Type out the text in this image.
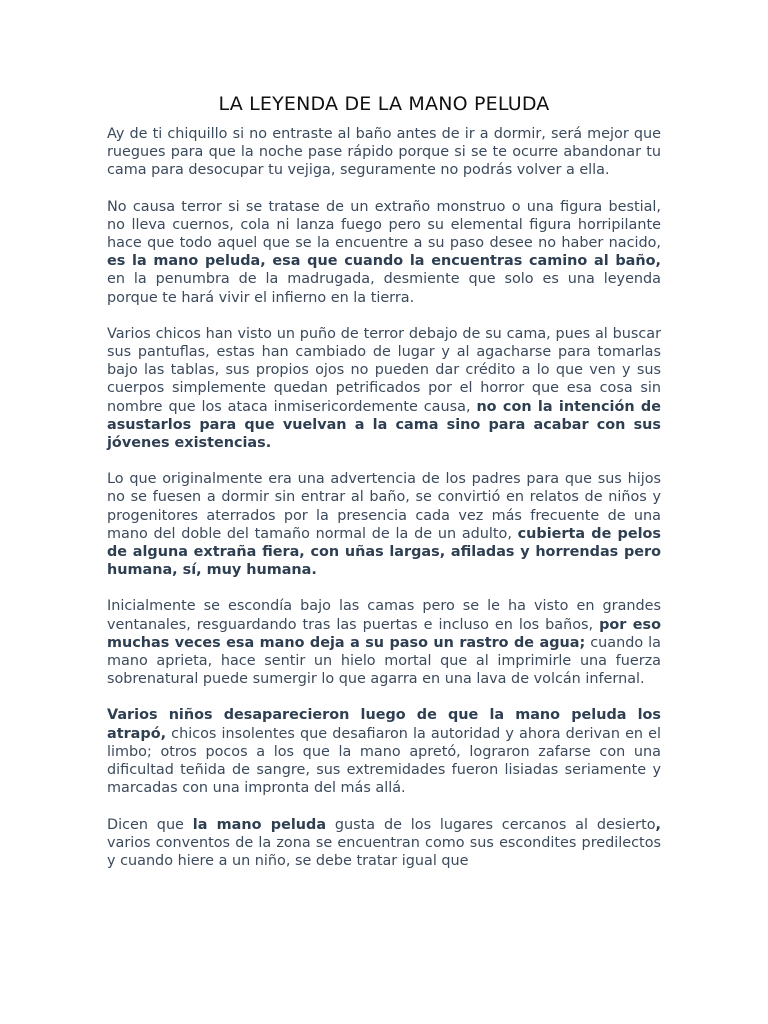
LA LEYENDA DE LA MANO PELUDA

Ay de ti chiquillo si no entraste al baño antes de ir a dormir, será mejor que ruegues para que la noche pase rápido porque si se te ocurre abandonar tu cama para desocupar tu vejiga, seguramente no podrás volver a ella.

No causa terror si se tratase de un extraño monstruo o una figura bestial, no lleva cuernos, cola ni lanza fuego pero su elemental figura horripilante hace que todo aquel que se la encuentre a su paso desee no haber nacido, es la mano peluda, esa que cuando la encuentras camino al baño, en la penumbra de la madrugada, desmiente que solo es una leyenda porque te hará vivir el infierno en la tierra.

Varios chicos han visto un puño de terror debajo de su cama, pues al buscar sus pantuflas, estas han cambiado de lugar y al agacharse para tomarlas bajo las tablas, sus propios ojos no pueden dar crédito a lo que ven y sus cuerpos simplemente quedan petrificados por el horror que esa cosa sin nombre que los ataca inmisericordemente causa, no con la intención de asustarlos para que vuelvan a la cama sino para acabar con sus jóvenes existencias.

Lo que originalmente era una advertencia de los padres para que sus hijos no se fuesen a dormir sin entrar al baño, se convirtió en relatos de niños y progenitores aterrados por la presencia cada vez más frecuente de una mano del doble del tamaño normal de la de un adulto, cubierta de pelos de alguna extraña fiera, con uñas largas, afiladas y horrendas pero humana, sí, muy humana.

Inicialmente se escondía bajo las camas pero se le ha visto en grandes ventanales, resguardando tras las puertas e incluso en los baños, por eso muchas veces esa mano deja a su paso un rastro de agua; cuando la mano aprieta, hace sentir un hielo mortal que al imprimirle una fuerza sobrenatural puede sumergir lo que agarra en una lava de volcán infernal.

Varios niños desaparecieron luego de que la mano peluda los atrapó, chicos insolentes que desafiaron la autoridad y ahora derivan en el limbo; otros pocos a los que la mano apretó, lograron zafarse con una dificultad teñida de sangre, sus extremidades fueron lisiadas seriamente y marcadas con una impronta del más allá.

Dicen que la mano peluda gusta de los lugares cercanos al desierto, varios conventos de la zona se encuentran como sus escondites predilectos y cuando hiere a un niño, se debe tratar igual que
